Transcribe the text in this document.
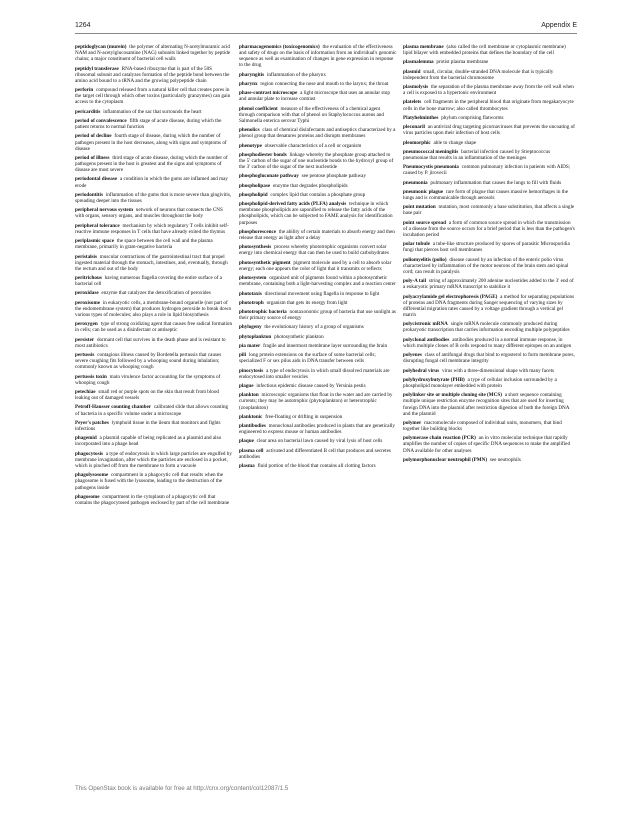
1264	Appendix E

peptidoglycan (murein) the polymer of alternating N-acetylmuramic acid NAM and N-acetylglucosamine (NAG) subunits linked together by peptide chains; a major constituent of bacterial cell walls

peptidyl transferase RNA-based ribozyme that is part of the 50S ribosomal subunit and catalyzes formation of the peptide bond between the amino acid bound to a tRNA and the growing polypeptide chain

perforin compound released from a natural killer cell that creates pores in the target cell through which other toxins (particularly granzymes) can gain access to the cytoplasm

pericarditis inflammation of the sac that surrounds the heart

period of convalescence fifth stage of acute disease, during which the patient returns to normal function

period of decline fourth stage of disease, during which the number of pathogen present in the host decreases, along with signs and symptoms of disease

period of illness third stage of acute disease, during which the number of pathogens present in the host is greatest and the signs and symptoms of disease are most severe

periodontal disease a condition in which the gums are inflamed and may erode

periodontitis inflammation of the gums that is more severe than gingivitis, spreading deeper into the tissues

peripheral nervous system network of neurons that connects the CNS with organs, sensory organs, and muscles throughout the body

peripheral tolerance mechanism by which regulatory T cells inhibit self-reactive immune responses in T cells that have already exited the thymus

periplasmic space the space between the cell wall and the plasma membrane, primarily in gram-negative bacteria

peristalsis muscular contractions of the gastrointestinal tract that propel ingested material through the stomach, intestines, and, eventually, through the rectum and out of the body

peritrichous having numerous flagella covering the entire surface of a bacterial cell

peroxidase enzyme that catalyzes the detoxification of peroxides

peroxisome in eukaryotic cells, a membrane-bound organelle (not part of the endomembrane system) that produces hydrogen peroxide to break down various types of molecules; also plays a role in lipid biosynthesis

peroxygen type of strong oxidizing agent that causes free radical formation in cells; can be used as a disinfectant or antiseptic

persister dormant cell that survives in the death phase and is resistant to most antibiotics

pertussis contagious illness caused by Bordetella pertussis that causes severe coughing fits followed by a whooping sound during inhalation; commonly known as whooping cough

pertussis toxin main virulence factor accounting for the symptoms of whooping cough

petechiae small red or purple spots on the skin that result from blood leaking out of damaged vessels

Petroff-Hausser counting chamber calibrated slide that allows counting of bacteria in a specific volume under a microscope

Peyer's patches lymphoid tissue in the ileum that monitors and fights infections

phagemid a plasmid capable of being replicated as a plasmid and also incorporated into a phage head

phagocytosis a type of endocytosis in which large particles are engulfed by membrane invagination, after which the particles are enclosed in a pocket, which is pinched off from the membrane to form a vacuole

phagolysosome compartment in a phagocytic cell that results when the phagosome is fused with the lysosome, leading to the destruction of the pathogens inside

phagosome compartment in the cytoplasm of a phagocytic cell that contains the phagocytosed pathogen enclosed by part of the cell membrane

pharmacogenomics (toxicogenomics) the evaluation of the effectiveness and safety of drugs on the basis of information from an individual's genomic sequence as well as examination of changes in gene expression in response to the drug

pharyngitis inflammation of the pharynx

pharynx region connecting the nose and mouth to the larynx; the throat

phase-contrast microscope a light microscope that uses an annular stop and annular plate to increase contrast

phenol coefficient measure of the effectiveness of a chemical agent through comparison with that of phenol on Staphylococcus aureus and Salmonella enterica serovar Typhi

phenolics class of chemical disinfectants and antiseptics characterized by a phenol group that denatures proteins and disrupts membranes

phenotype observable characteristics of a cell or organism

phosphodiester bonds linkage whereby the phosphate group attached to the 5′ carbon of the sugar of one nucleotide bonds to the hydroxyl group of the 3′ carbon of the sugar of the next nucleotide

phosphogluconate pathway see pentose phosphate pathway

phospholipase enzyme that degrades phospholipids

phospholipid complex lipid that contains a phosphate group

phospholipid-derived fatty acids (PLFA) analysis technique in which membrane phospholipids are saponified to release the fatty acids of the phospholipids, which can be subjected to FAME analysis for identification purposes

phosphorescence the ability of certain materials to absorb energy and then release that energy as light after a delay

photosynthesis process whereby phototrophic organisms convert solar energy into chemical energy that can then be used to build carbohydrates

photosynthetic pigment pigment molecule used by a cell to absorb solar energy; each one appears the color of light that it transmits or reflects

photosystem organized unit of pigments found within a photosynthetic membrane, containing both a light-harvesting complex and a reaction center

phototaxis directional movement using flagella in response to light

phototroph organism that gets its energy from light

phototrophic bacteria nontaxonomic group of bacteria that use sunlight as their primary source of energy

phylogeny the evolutionary history of a group of organisms

phytoplankton photosynthetic plankton

pia mater fragile and innermost membrane layer surrounding the brain

pili long protein extensions on the surface of some bacterial cells; specialized F or sex pilus aids in DNA transfer between cells

pinocytosis a type of endocytosis in which small dissolved materials are endocytosed into smaller vesicles

plague infectious epidemic disease caused by Yersinia pestis

plankton microscopic organisms that float in the water and are carried by currents; they may be autotrophic (phytoplankton) or heterotrophic (zooplankton)

planktonic free-floating or drifting in suspension

plantibodies monoclonal antibodies produced in plants that are genetically engineered to express mouse or human antibodies

plaque clear area on bacterial lawn caused by viral lysis of host cells

plasma cell activated and differentiated B cell that produces and secretes antibodies

plasma fluid portion of the blood that contains all clotting factors

plasma membrane (also called the cell membrane or cytoplasmic membrane) lipid bilayer with embedded proteins that defines the boundary of the cell

plasmalemma protist plasma membrane

plasmid small, circular, double-stranded DNA molecule that is typically independent from the bacterial chromosome

plasmolysis the separation of the plasma membrane away from the cell wall when a cell is exposed to a hypertonic environment

platelets cell fragments in the peripheral blood that originate from megakaryocyte cells in the bone marrow; also called thrombocytes

Platyhelminthes phylum comprising flatworms

pleconaril an antiviral drug targeting picornaviruses that prevents the uncoating of virus particles upon their infection of host cells

pleomorphic able to change shape

pneumococcal meningitis bacterial infection caused by Streptococcus pneumoniae that results in an inflammation of the meninges

Pneumocystis pneumonia common pulmonary infection in patients with AIDS; caused by P. jirovecii

pneumonia pulmonary inflammation that causes the lungs to fill with fluids

pneumonic plague rare form of plague that causes massive hemorrhages in the lungs and is communicable through aerosols

point mutation mutation, most commonly a base substitution, that affects a single base pair

point source spread a form of common source spread in which the transmission of a disease from the source occurs for a brief period that is less than the pathogen's incubation period

polar tubule a tube-like structure produced by spores of parasitic Microsporidia fungi that pierces host cell membranes

poliomyelitis (polio) disease caused by an infection of the enteric polio virus characterized by inflammation of the motor neurons of the brain stem and spinal cord; can result in paralysis

poly-A tail string of approximately 200 adenine nucleotides added to the 3′ end of a eukaryotic primary mRNA transcript to stabilize it

polyacrylamide gel electrophoresis (PAGE) a method for separating populations of proteins and DNA fragments during Sanger sequencing of varying sizes by differential migration rates caused by a voltage gradient through a vertical gel matrix

polycistronic mRNA single mRNA molecule commonly produced during prokaryotic transcription that carries information encoding multiple polypeptides

polyclonal antibodies antibodies produced in a normal immune response, in which multiple clones of B cells respond to many different epitopes on an antigen

polyenes class of antifungal drugs that bind to ergosterol to form membrane pores, disrupting fungal cell membrane integrity

polyhedral virus virus with a three-dimensional shape with many facets

polyhydroxybutyrate (PHB) a type of cellular inclusion surrounded by a phospholipid monolayer embedded with protein

polylinker site or multiple cloning site (MCS) a short sequence containing multiple unique restriction enzyme recognition sites that are used for inserting foreign DNA into the plasmid after restriction digestion of both the foreign DNA and the plasmid

polymer macromolecule composed of individual units, monomers, that bind together like building blocks

polymerase chain reaction (PCR) an in vitro molecular technique that rapidly amplifies the number of copies of specific DNA sequences to make the amplified DNA available for other analyses

polymorphonuclear neutrophil (PMN) see neutrophils

This OpenStax book is available for free at http://cnx.org/content/col12087/1.5
